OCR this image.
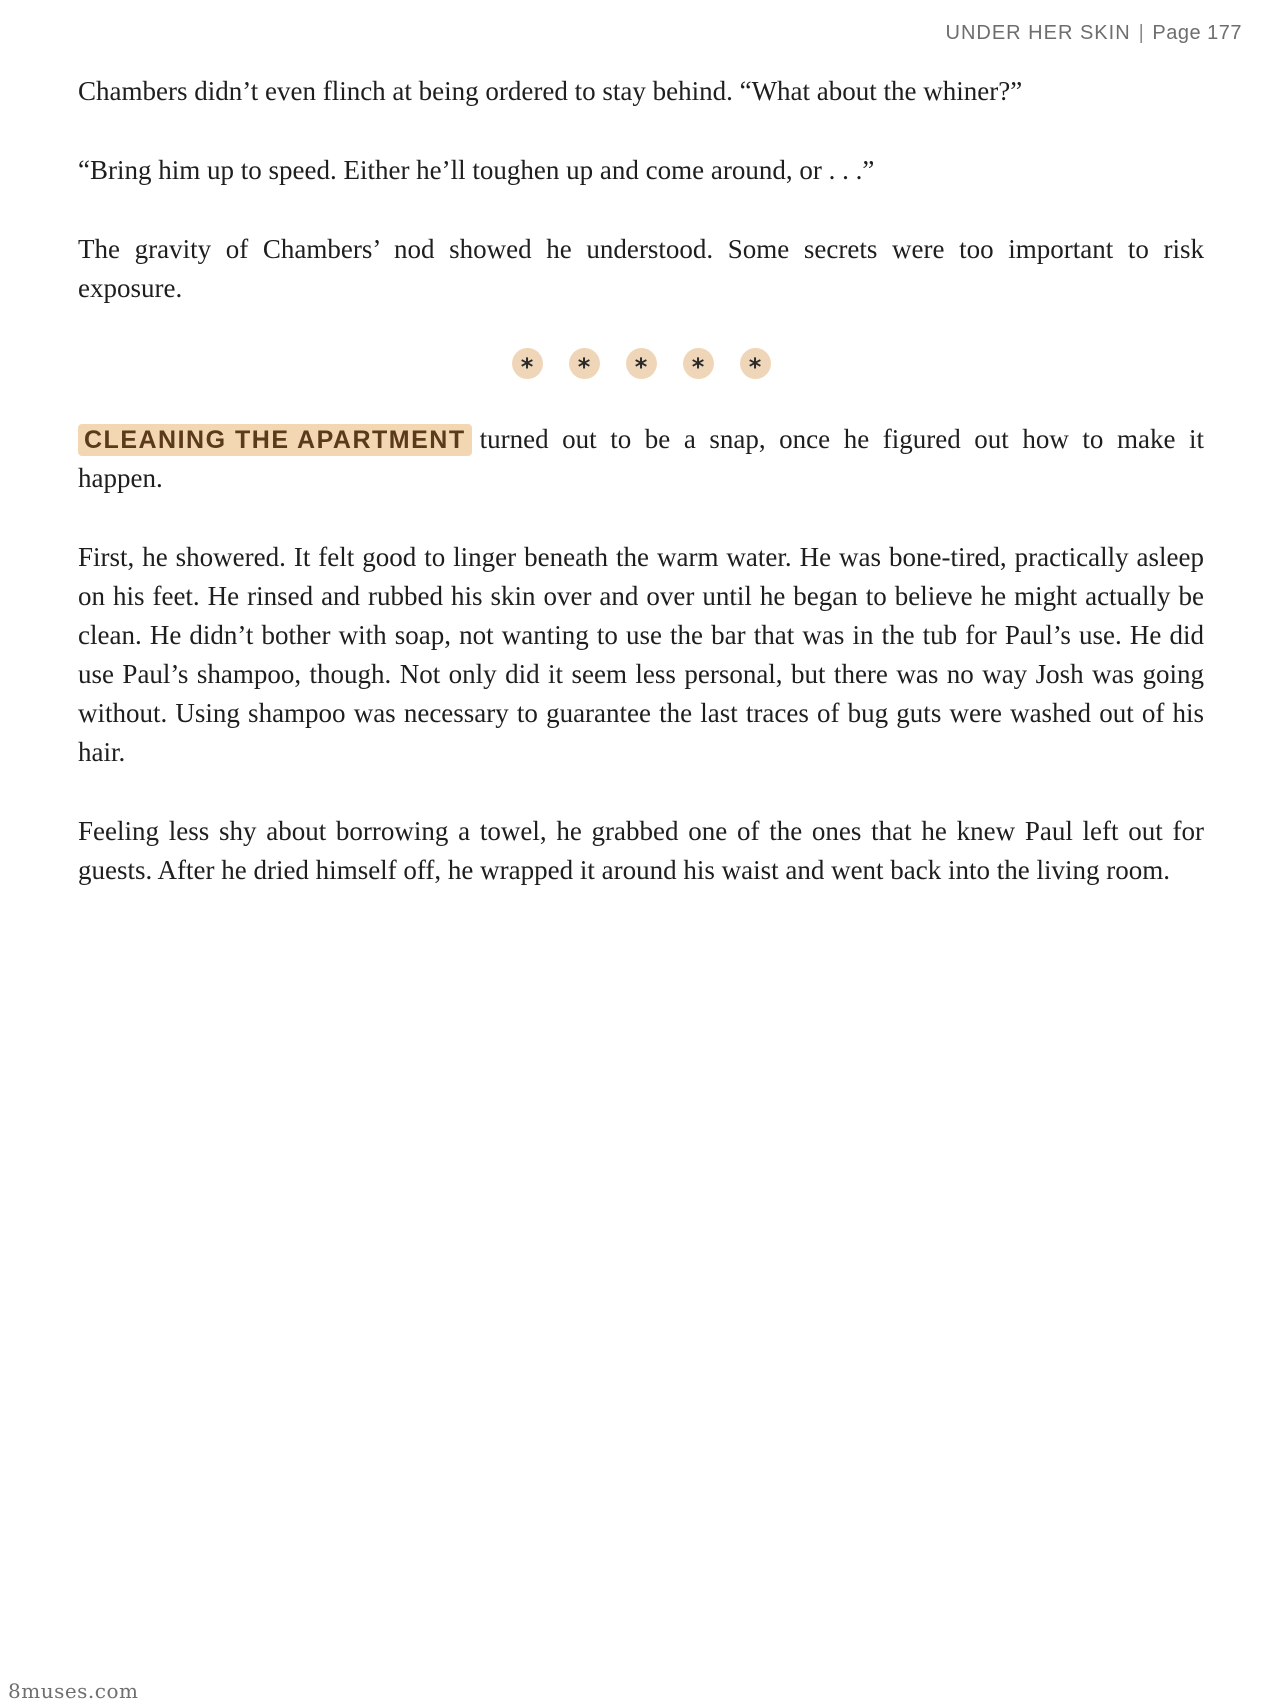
UNDER HER SKIN | Page 177

Chambers didn’t even flinch at being ordered to stay behind. “What about the whiner?”

“Bring him up to speed. Either he’ll toughen up and come around, or . . .”

The gravity of Chambers’ nod showed he understood. Some secrets were too important to risk exposure.

*	*	*	*	*

CLEANING THE APARTMENT turned out to be a snap, once he figured out how to make it happen.

First, he showered. It felt good to linger beneath the warm water. He was bone-tired, practically asleep on his feet. He rinsed and rubbed his skin over and over until he began to believe he might actually be clean. He didn’t bother with soap, not wanting to use the bar that was in the tub for Paul’s use. He did use Paul’s shampoo, though. Not only did it seem less personal, but there was no way Josh was going without. Using shampoo was necessary to guarantee the last traces of bug guts were washed out of his hair.

Feeling less shy about borrowing a towel, he grabbed one of the ones that he knew Paul left out for guests. After he dried himself off, he wrapped it around his waist and went back into the living room.

8muses.com
